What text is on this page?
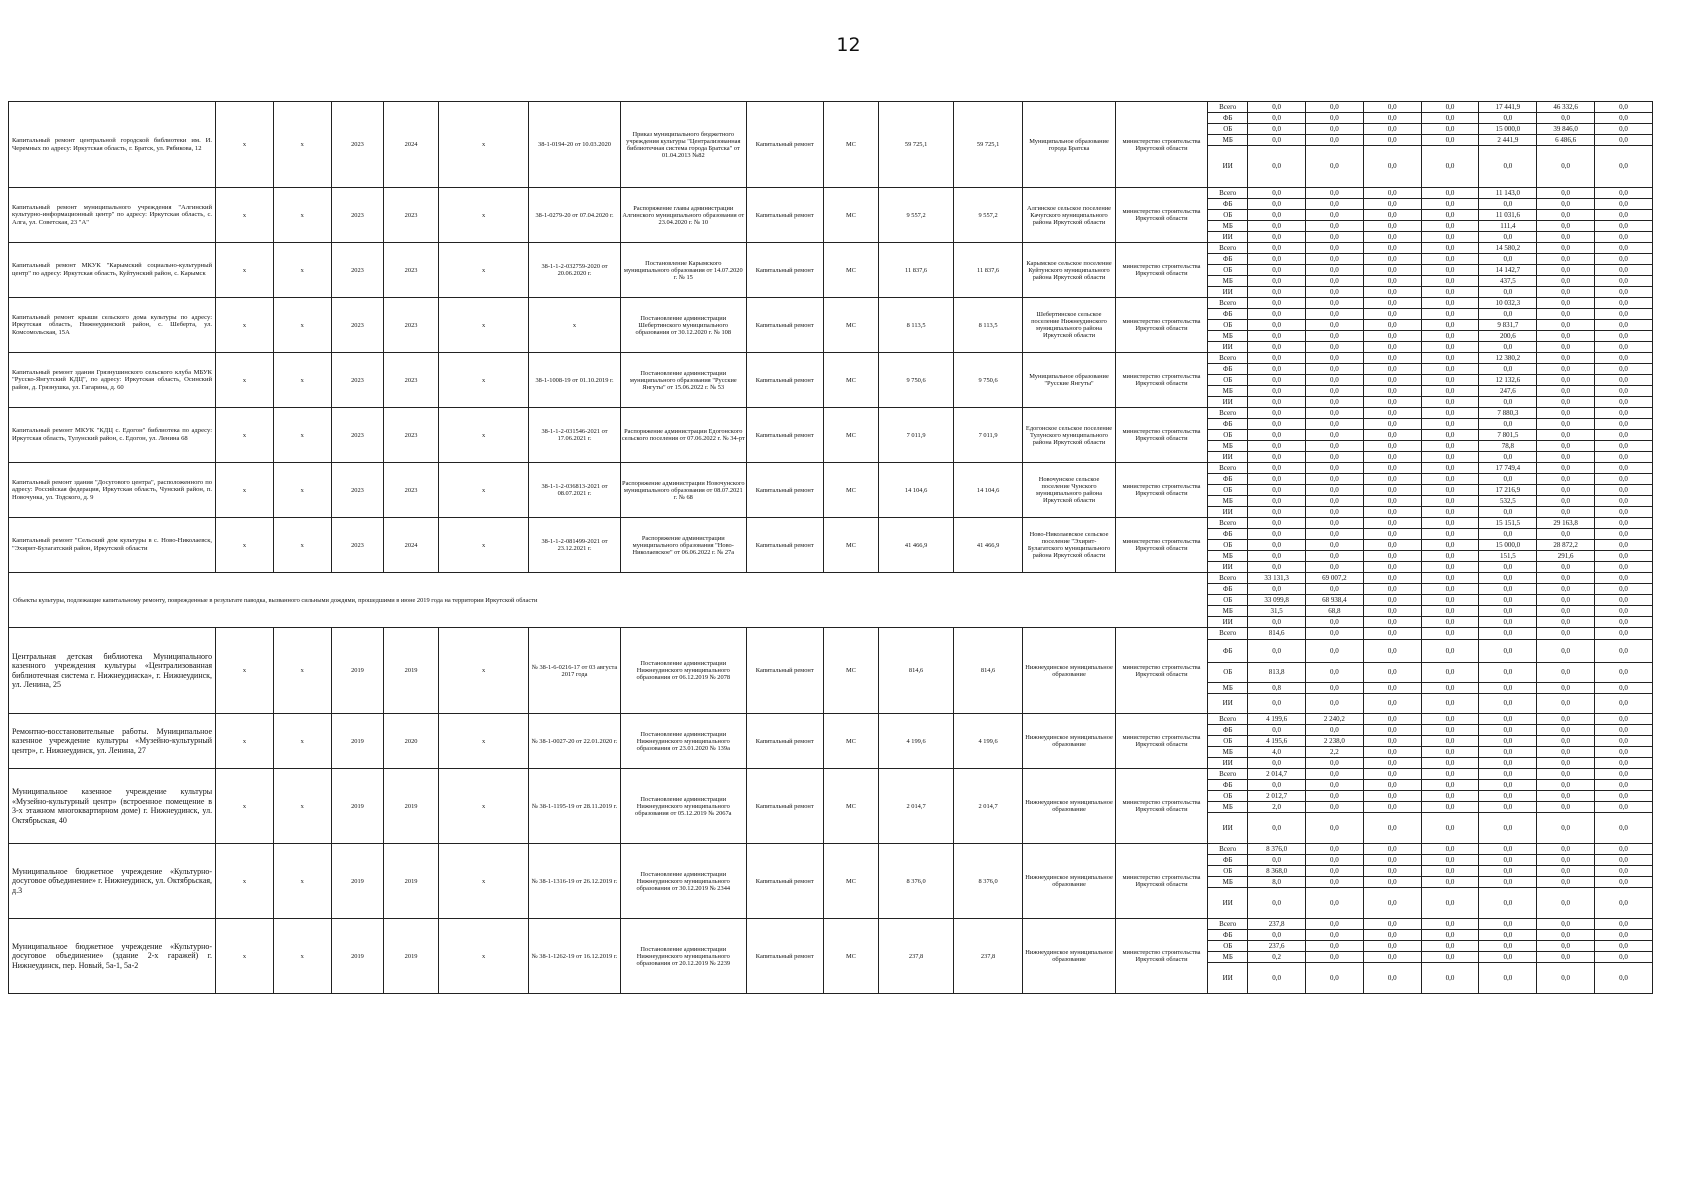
12
Капитальный ремонт центральной городской библиотеки им. И. Черемных по адресу: Иркутская область, г. Братск, ул. Рябикова, 12	х	х	2023	2024	х	38-1-0194-20 от 10.03.2020	Приказ муниципального бюджетного учреждения культуры "Централизованная библиотечная система города Братска" от 01.04.2013 №82	Капитальный ремонт	МС	59 725,1	59 725,1	Муниципальное образование города Братска	министерство строительства Иркутской области	Всего	0,0	0,0	0,0	0,0	17 441,9	46 332,6	0,0
														ФБ	0,0	0,0	0,0	0,0	0,0	0,0	0,0
														ОБ	0,0	0,0	0,0	0,0	15 000,0	39 846,0	0,0
														МБ	0,0	0,0	0,0	0,0	2 441,9	6 486,6	0,0
														ИИ	0,0	0,0	0,0	0,0	0,0	0,0	0,0
Капитальный ремонт муниципального учреждения "Алгинский культурно-информационный центр" по адресу: Иркутская область, с. Алга, ул. Советская, 23 "А"	х	х	2023	2023	х	38-1-0279-20 от 07.04.2020 г.	Распоряжение главы администрации Алгинского муниципального образования от 23.04.2020 г. № 10	Капитальный ремонт	МС	9 557,2	9 557,2	Алгинское сельское поселение Качугского муниципального района Иркутской области	министерство строительства Иркутской области	Всего	0,0	0,0	0,0	0,0	11 143,0	0,0	0,0
														ФБ	0,0	0,0	0,0	0,0	0,0	0,0	0,0
														ОБ	0,0	0,0	0,0	0,0	11 031,6	0,0	0,0
														МБ	0,0	0,0	0,0	0,0	111,4	0,0	0,0
														ИИ	0,0	0,0	0,0	0,0	0,0	0,0	0,0
Капитальный ремонт МКУК "Карымский социально-культурный центр" по адресу: Иркутская область, Куйтунский район, с. Карымск	х	х	2023	2023	х	38-1-1-2-032759-2020 от 20.06.2020 г.	Постановление Карымского муниципального образования от 14.07.2020 г. № 15	Капитальный ремонт	МС	11 837,6	11 837,6	Карымское сельское поселение Куйтунского муниципального района Иркутской области	министерство строительства Иркутской области	Всего	0,0	0,0	0,0	0,0	14 580,2	0,0	0,0
														ФБ	0,0	0,0	0,0	0,0	0,0	0,0	0,0
														ОБ	0,0	0,0	0,0	0,0	14 142,7	0,0	0,0
														МБ	0,0	0,0	0,0	0,0	437,5	0,0	0,0
														ИИ	0,0	0,0	0,0	0,0	0,0	0,0	0,0
Капитальный ремонт крыши сельского дома культуры по адресу: Иркутская область, Нижнеудинский район, с. Шеберта, ул. Комсомольская, 15А	х	х	2023	2023	х	х	Постановление администрации Шебертинского муниципального образования от 30.12.2020 г. № 108	Капитальный ремонт	МС	8 113,5	8 113,5	Шебертинское сельское поселение Нижнеудинского муниципального района Иркутской области	министерство строительства Иркутской области	Всего	0,0	0,0	0,0	0,0	10 032,3	0,0	0,0
														ФБ	0,0	0,0	0,0	0,0	0,0	0,0	0,0
														ОБ	0,0	0,0	0,0	0,0	9 831,7	0,0	0,0
														МБ	0,0	0,0	0,0	0,0	200,6	0,0	0,0
														ИИ	0,0	0,0	0,0	0,0	0,0	0,0	0,0
Капитальный ремонт здания Грязнушинского сельского клуба МБУК "Русско-Янгутский КДЦ", по адресу: Иркутская область, Осинский район, д. Грязнушка, ул. Гагарина, д. 60	х	х	2023	2023	х	38-1-1008-19 от 01.10.2019 г.	Постановление администрации муниципального образования "Русские Янгуты" от 15.06.2022 г. № 53	Капитальный ремонт	МС	9 750,6	9 750,6	Муниципальное образование "Русские Янгуты"	министерство строительства Иркутской области	Всего	0,0	0,0	0,0	0,0	12 380,2	0,0	0,0
														ФБ	0,0	0,0	0,0	0,0	0,0	0,0	0,0
														ОБ	0,0	0,0	0,0	0,0	12 132,6	0,0	0,0
														МБ	0,0	0,0	0,0	0,0	247,6	0,0	0,0
														ИИ	0,0	0,0	0,0	0,0	0,0	0,0	0,0
Капитальный ремонт МКУК "КДЦ с. Едогон" библиотека по адресу: Иркутская область, Тулунский район, с. Едогон, ул. Ленина 68	х	х	2023	2023	х	38-1-1-2-031546-2021 от 17.06.2021 г.	Распоряжение администрации Едогонского сельского поселения от 07.06.2022 г. № 34-рт	Капитальный ремонт	МС	7 011,9	7 011,9	Едогонское сельское поселение Тулунского муниципального района Иркутской области	министерство строительства Иркутской области	Всего	0,0	0,0	0,0	0,0	7 880,3	0,0	0,0
														ФБ	0,0	0,0	0,0	0,0	0,0	0,0	0,0
														ОБ	0,0	0,0	0,0	0,0	7 801,5	0,0	0,0
														МБ	0,0	0,0	0,0	0,0	78,8	0,0	0,0
														ИИ	0,0	0,0	0,0	0,0	0,0	0,0	0,0
Капитальный ремонт здания "Досугового центра", расположенного по адресу: Российская федерация, Иркутская область, Чунский район, п. Новочунка, ул. Тодского, д. 9	х	х	2023	2023	х	38-1-1-2-036813-2021 от 08.07.2021 г.	Распоряжение администрации Новочунского муниципального образования от 08.07.2021 г. № 68	Капитальный ремонт	МС	14 104,6	14 104,6	Новочунское сельское поселение Чунского муниципального района Иркутской области	министерство строительства Иркутской области	Всего	0,0	0,0	0,0	0,0	17 749,4	0,0	0,0
														ФБ	0,0	0,0	0,0	0,0	0,0	0,0	0,0
														ОБ	0,0	0,0	0,0	0,0	17 216,9	0,0	0,0
														МБ	0,0	0,0	0,0	0,0	532,5	0,0	0,0
														ИИ	0,0	0,0	0,0	0,0	0,0	0,0	0,0
Капитальный ремонт "Сельский дом культуры в с. Ново-Николаевск, "Эхирит-Булагатский район, Иркутской области	х	х	2023	2024	х	38-1-1-2-081499-2021 от 23.12.2021 г.	Распоряжение администрации муниципального образования "Ново-Николаевское" от 06.06.2022 г. № 27а	Капитальный ремонт	МС	41 466,9	41 466,9	Ново-Николаевское сельское поселение "Эхирит-Булагатского муниципального района Иркутской области	министерство строительства Иркутской области	Всего	0,0	0,0	0,0	0,0	15 151,5	29 163,8	0,0
														ФБ	0,0	0,0	0,0	0,0	0,0	0,0	0,0
														ОБ	0,0	0,0	0,0	0,0	15 000,0	28 872,2	0,0
														МБ	0,0	0,0	0,0	0,0	151,5	291,6	0,0
														ИИ	0,0	0,0	0,0	0,0	0,0	0,0	0,0
Объекты культуры, подлежащие капитальному ремонту, поврежденные в результате паводка, вызванного сильными дождями, прошедшими в июне 2019 года на территории Иркутской области														Всего	33 131,3	69 007,2	0,0	0,0	0,0	0,0	0,0
														ФБ	0,0	0,0	0,0	0,0	0,0	0,0	0,0
														ОБ	33 099,8	68 938,4	0,0	0,0	0,0	0,0	0,0
														МБ	31,5	68,8	0,0	0,0	0,0	0,0	0,0
														ИИ	0,0	0,0	0,0	0,0	0,0	0,0	0,0
Центральная детская библиотека Муниципального казенного учреждения культуры «Централизованная библиотечная система г. Нижнеудинска», г. Нижнеудинск, ул. Ленина, 25	х	х	2019	2019	х	№ 38-1-6-0216-17 от 03 августа 2017 года	Постановление администрации Нижнеудинского муниципального образования от 06.12.2019 № 2078	Капитальный ремонт	МС	814,6	814,6	Нижнеудинское муниципальное образование	министерство строительства Иркутской области	Всего	814,6	0,0	0,0	0,0	0,0	0,0	0,0
														ФБ	0,0	0,0	0,0	0,0	0,0	0,0	0,0
														ОБ	813,8	0,0	0,0	0,0	0,0	0,0	0,0
														МБ	0,8	0,0	0,0	0,0	0,0	0,0	0,0
														ИИ	0,0	0,0	0,0	0,0	0,0	0,0	0,0
Ремонтно-восстановительные работы. Муниципальное казенное учреждение культуры «Музейно-культурный центр», г. Нижнеудинск, ул. Ленина, 27	х	х	2019	2020	х	№ 38-1-0027-20 от 22.01.2020 г.	Постановление администрации Нижнеудинского муниципального образования от 23.01.2020 № 139а	Капитальный ремонт	МС	4 199,6	4 199,6	Нижнеудинское муниципальное образование	министерство строительства Иркутской области	Всего	4 199,6	2 240,2	0,0	0,0	0,0	0,0	0,0
														ФБ	0,0	0,0	0,0	0,0	0,0	0,0	0,0
														ОБ	4 195,6	2 238,0	0,0	0,0	0,0	0,0	0,0
														МБ	4,0	2,2	0,0	0,0	0,0	0,0	0,0
														ИИ	0,0	0,0	0,0	0,0	0,0	0,0	0,0
Муниципальное казенное учреждение культуры «Музейно-культурный центр» (встроенное помещение в 3-х этажном многоквартирном доме) г. Нижнеудинск, ул. Октябрьская, 40	х	х	2019	2019	х	№ 38-1-1195-19 от 28.11.2019 г.	Постановление администрации Нижнеудинского муниципального образования от 05.12.2019 № 2067а	Капитальный ремонт	МС	2 014,7	2 014,7	Нижнеудинское муниципальное образование	министерство строительства Иркутской области	Всего	2 014,7	0,0	0,0	0,0	0,0	0,0	0,0
														ФБ	0,0	0,0	0,0	0,0	0,0	0,0	0,0
														ОБ	2 012,7	0,0	0,0	0,0	0,0	0,0	0,0
														МБ	2,0	0,0	0,0	0,0	0,0	0,0	0,0
														ИИ	0,0	0,0	0,0	0,0	0,0	0,0	0,0
Муниципальное бюджетное учреждение «Культурно-досуговое объединение» г. Нижнеудинск, ул. Октябрьская, д.3	х	х	2019	2019	х	№ 38-1-1316-19 от 26.12.2019 г.	Постановление администрации Нижнеудинского муниципального образования от 30.12.2019 № 2344	Капитальный ремонт	МС	8 376,0	8 376,0	Нижнеудинское муниципальное образование	министерство строительства Иркутской области	Всего	8 376,0	0,0	0,0	0,0	0,0	0,0	0,0
														ФБ	0,0	0,0	0,0	0,0	0,0	0,0	0,0
														ОБ	8 368,0	0,0	0,0	0,0	0,0	0,0	0,0
														МБ	8,0	0,0	0,0	0,0	0,0	0,0	0,0
														ИИ	0,0	0,0	0,0	0,0	0,0	0,0	0,0
Муниципальное бюджетное учреждение «Культурно-досуговое объединение» (здание 2-х гаражей) г. Нижнеудинск, пер. Новый, 5а-1, 5а-2	х	х	2019	2019	х	№ 38-1-1262-19 от 16.12.2019 г.	Постановление администрации Нижнеудинского муниципального образования от 20.12.2019 № 2239	Капитальный ремонт	МС	237,8	237,8	Нижнеудинское муниципальное образование	министерство строительства Иркутской области	Всего	237,8	0,0	0,0	0,0	0,0	0,0	0,0
														ФБ	0,0	0,0	0,0	0,0	0,0	0,0	0,0
														ОБ	237,6	0,0	0,0	0,0	0,0	0,0	0,0
														МБ	0,2	0,0	0,0	0,0	0,0	0,0	0,0
														ИИ	0,0	0,0	0,0	0,0	0,0	0,0	0,0
